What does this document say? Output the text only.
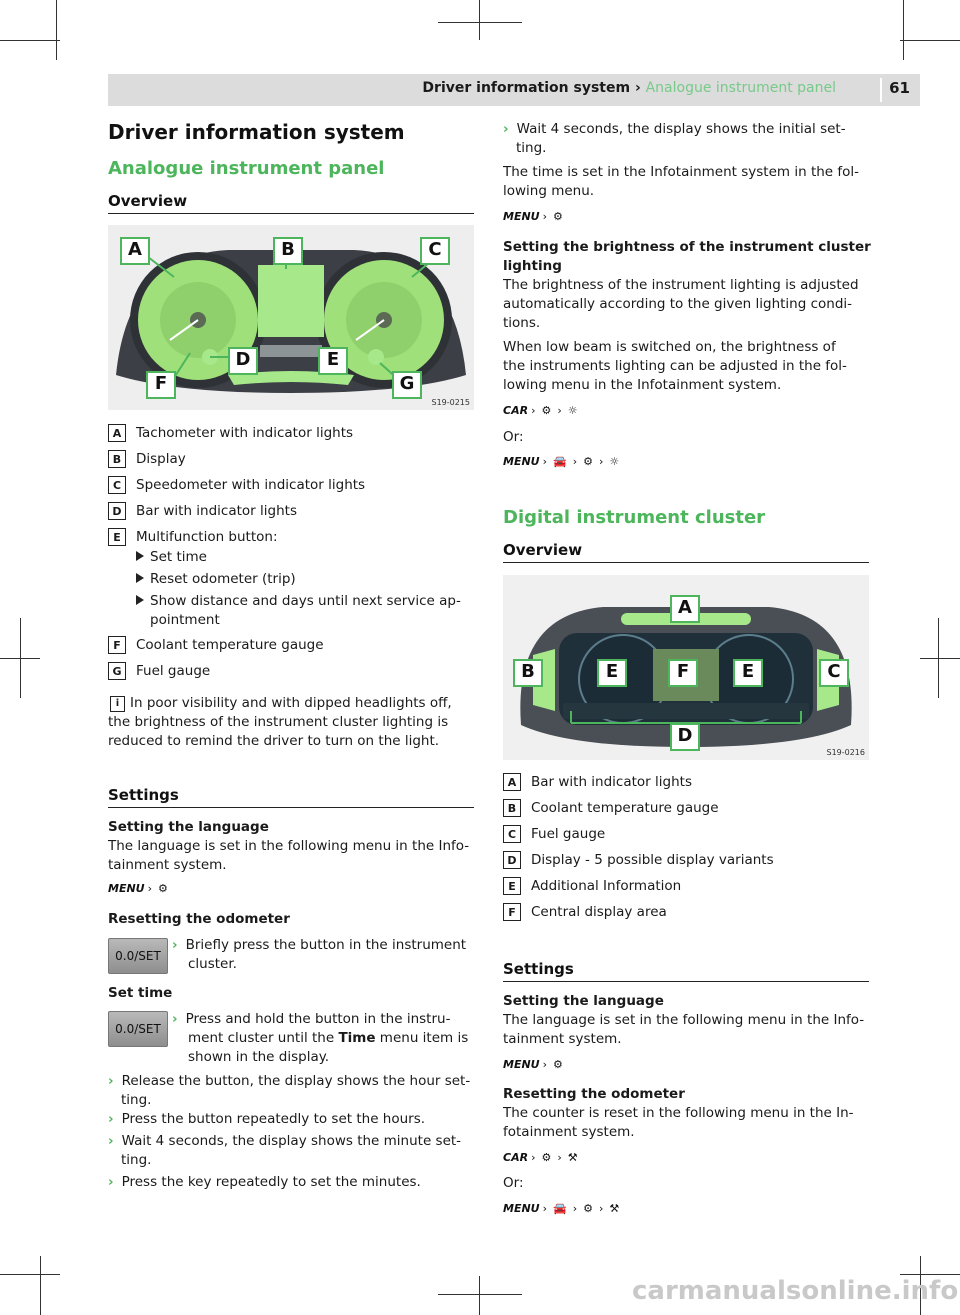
Driver information system › Analogue instrument panel	61
Driver information system
Analogue instrument panel
Overview
A	B	C
D	E
F	G
S19-0215
A	Tachometer with indicator lights
B	Display
C	Speedometer with indicator lights
D	Bar with indicator lights
E	Multifunction button:

Set time

Reset odometer (trip)

Show distance and days until next service ap-

pointment

F	Coolant temperature gauge
G	Fuel gauge
i In poor visibility and with dipped headlights off,

the brightness of the instrument cluster lighting is

reduced to remind the driver to turn on the light.

Settings

Setting the language

The language is set in the following menu in the Info-

tainment system.

MENU › ⚙

Resetting the odometer

0.0/SET

› Briefly press the button in the instrument

cluster.

Set time

0.0/SET

› Press and hold the button in the instru-

ment cluster until the Time menu item is

shown in the display.

› Release the button, the display shows the hour set-

ting.

› Press the button repeatedly to set the hours.

› Wait 4 seconds, the display shows the minute set-

ting.

› Press the key repeatedly to set the minutes.

› Wait 4 seconds, the display shows the initial set-

ting.

The time is set in the Infotainment system in the fol-

lowing menu.

MENU › ⚙

Setting the brightness of the instrument cluster

lighting

The brightness of the instrument lighting is adjusted

automatically according to the given lighting condi-

tions.

When low beam is switched on, the brightness of

the instruments lighting can be adjusted in the fol-

lowing menu in the Infotainment system.

CAR › ⚙ › ☼

Or:

MENU › 🚘 › ⚙ › ☼
Digital instrument cluster
Overview
A
B	C
D
E	F	E
S19-0216
A	Bar with indicator lights
B	Coolant temperature gauge
C	Fuel gauge
D	Display - 5 possible display variants
E	Additional Information
F	Central display area
Settings

Setting the language

The language is set in the following menu in the Info-

tainment system.

MENU › ⚙

Resetting the odometer

The counter is reset in the following menu in the In-

fotainment system.

CAR › ⚙ › ⚒

Or:

MENU › 🚘 › ⚙ › ⚒
carmanualsonline.info
